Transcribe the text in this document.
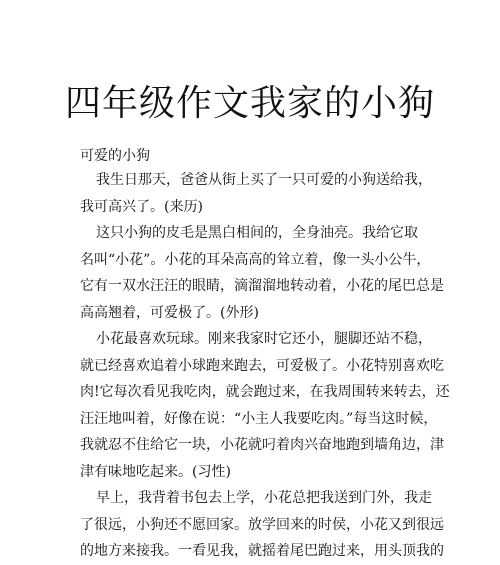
四年级作文我家的小狗

可爱的小狗

我生日那天，爸爸从街上买了一只可爱的小狗送给我，

我可高兴了。(来历)

这只小狗的皮毛是黑白相间的，全身油亮。我给它取

名叫“小花”。小花的耳朵高高的耸立着，像一头小公牛，

它有一双水汪汪的眼睛，滴溜溜地转动着，小花的尾巴总是

高高翘着，可爱极了。(外形)

小花最喜欢玩球。刚来我家时它还小，腿脚还站不稳，

就已经喜欢追着小球跑来跑去，可爱极了。小花特别喜欢吃

肉!它每次看见我吃肉，就会跑过来，在我周围转来转去，还

汪汪地叫着，好像在说：“小主人我要吃肉。”每当这时候，

我就忍不住给它一块，小花就叼着肉兴奋地跑到墙角边，津

津有味地吃起来。(习性)

早上，我背着书包去上学，小花总把我送到门外，我走

了很远，小狗还不愿回家。放学回来的时侯，小花又到很远

的地方来接我。一看见我，就摇着尾巴跑过来，用头顶我的
